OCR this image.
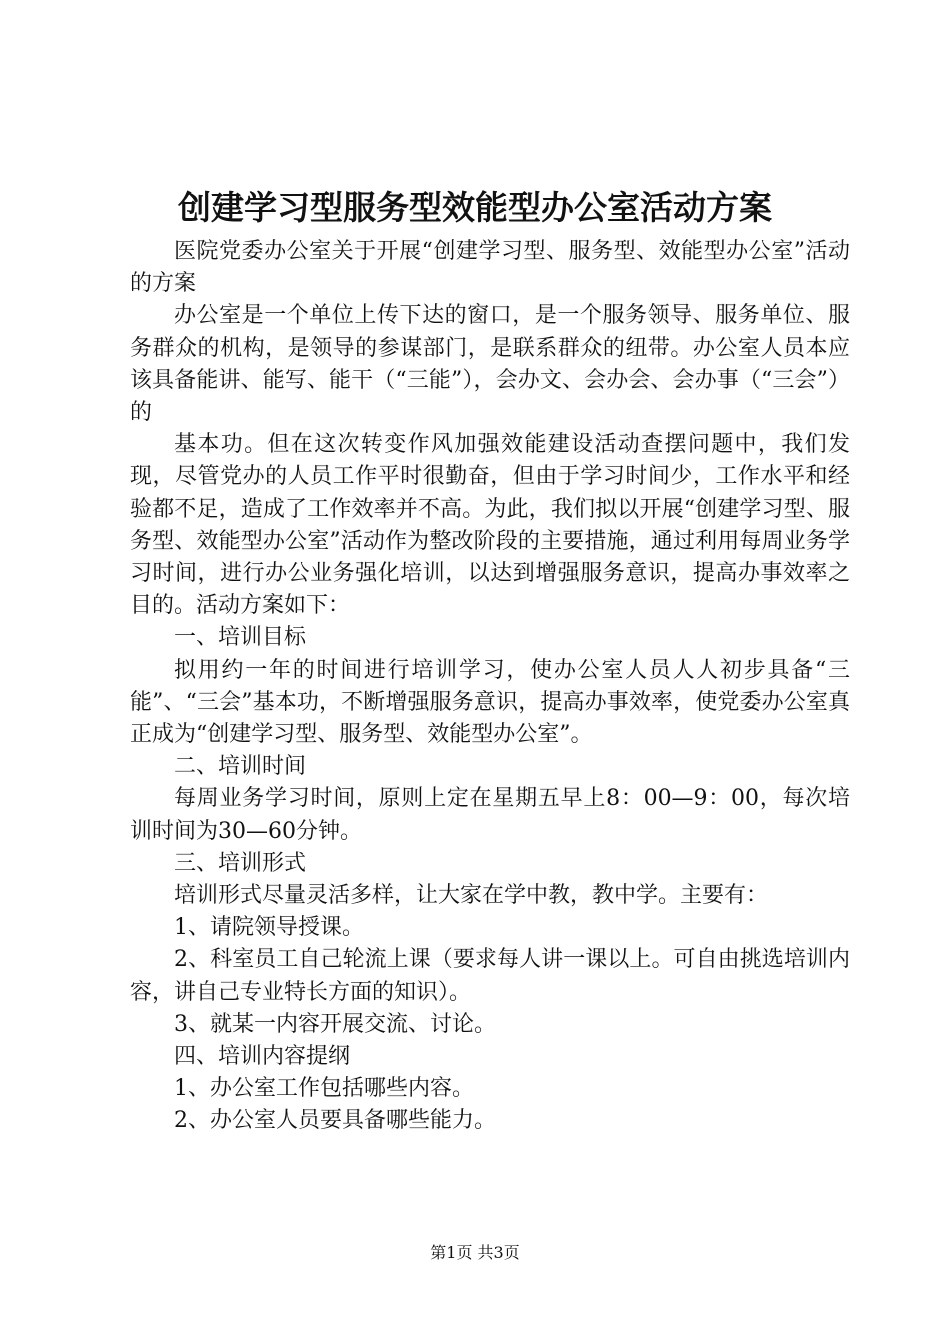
创建学习型服务型效能型办公室活动方案

医院党委办公室关于开展“创建学习型、服务型、效能型办公室”活动的方案

办公室是一个单位上传下达的窗口，是一个服务领导、服务单位、服务群众的机构，是领导的参谋部门，是联系群众的纽带。办公室人员本应该具备能讲、能写、能干（“三能”），会办文、会办会、会办事（“三会”）的

基本功。但在这次转变作风加强效能建设活动查摆问题中，我们发现，尽管党办的人员工作平时很勤奋，但由于学习时间少，工作水平和经验都不足，造成了工作效率并不高。为此，我们拟以开展“创建学习型、服务型、效能型办公室”活动作为整改阶段的主要措施，通过利用每周业务学习时间，进行办公业务强化培训，以达到增强服务意识，提高办事效率之目的。活动方案如下：

一、培训目标

拟用约一年的时间进行培训学习，使办公室人员人人初步具备“三能”、“三会”基本功，不断增强服务意识，提高办事效率，使党委办公室真正成为“创建学习型、服务型、效能型办公室”。

二、培训时间

每周业务学习时间，原则上定在星期五早上8：00—9：00，每次培训时间为30—60分钟。

三、培训形式

培训形式尽量灵活多样，让大家在学中教，教中学。主要有：

1、请院领导授课。

2、科室员工自己轮流上课（要求每人讲一课以上。可自由挑选培训内容，讲自己专业特长方面的知识）。

3、就某一内容开展交流、讨论。

四、培训内容提纲

1、办公室工作包括哪些内容。

2、办公室人员要具备哪些能力。

第1页 共3页
